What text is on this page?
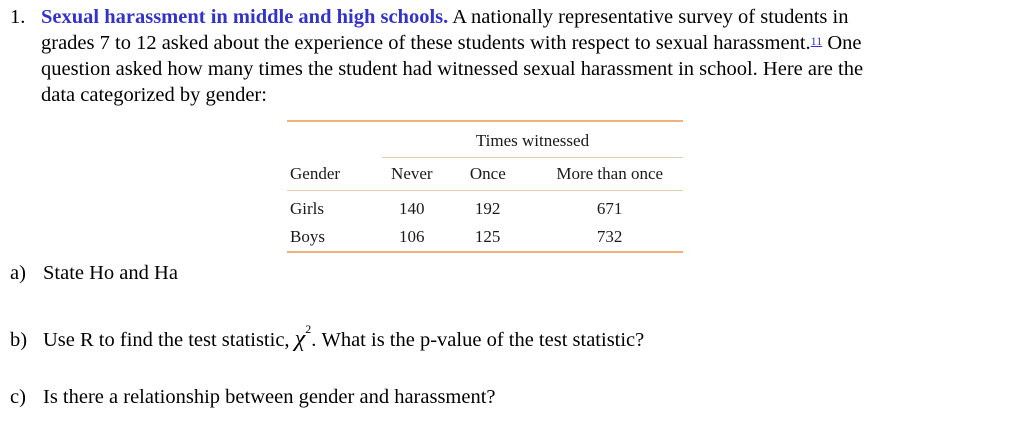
1. Sexual harassment in middle and high schools. A nationally representative survey of students in
grades 7 to 12 asked about the experience of these students with respect to sexual harassment.$^{11}$ One
question asked how many times the student had witnessed sexual harassment in school. Here are the
data categorized by gender:
Times witnessed
Gender	Never	Once	More than once

Girls	140	192	671
Boys	106	125	732
a) State Ho and Ha
b) Use R to find the test statistic, $\chi^2$. What is the p-value of the test statistic?
c) Is there a relationship between gender and harassment?
